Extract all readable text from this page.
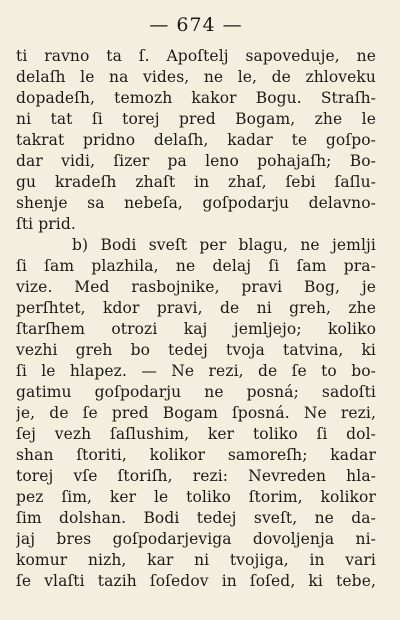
— 674 —
ti ravno ta ſ. Apoſtelj sapoveduje, ne
delaſh le na vides, ne le, de zhloveku
dopadeſh, temozh kakor Bogu. Straſh-
ni tat ſi torej pred Bogam, zhe le
takrat pridno delaſh, kadar te goſpo-
dar vidi, ſizer pa leno pohajaſh; Bo-
gu kradeſh zhaſt in zhaſ, ſebi ſaſlu-
shenje sa nebeſa, goſpodarju delavno-
ſti prid.
b) Bodi sveſt per blagu, ne jemlji
ſi ſam plazhila, ne delaj ſi ſam pra-
vize. Med rasbojnike, pravi Bog, je
perſhtet, kdor pravi, de ni greh, zhe
ſtarſhem otrozi kaj jemljejo; koliko
vezhi greh bo tedej tvoja tatvina, ki
ſi le hlapez. — Ne rezi, de ſe to bo-
gatimu goſpodarju ne posná; sadoſti
je, de ſe pred Bogam ſposná. Ne rezi,
ſej vezh ſaſlushim, ker toliko ſi dol-
shan ſtoriti, kolikor samoreſh; kadar
torej vſe ſtoriſh, rezi: Nevreden hla-
pez ſim, ker le toliko ſtorim, kolikor
ſim dolshan. Bodi tedej sveſt, ne da-
jaj bres goſpodarjeviga dovoljenja ni-
komur nizh, kar ni tvojiga, in vari
ſe vlaſti tazih ſoſedov in ſoſed, ki tebe,
